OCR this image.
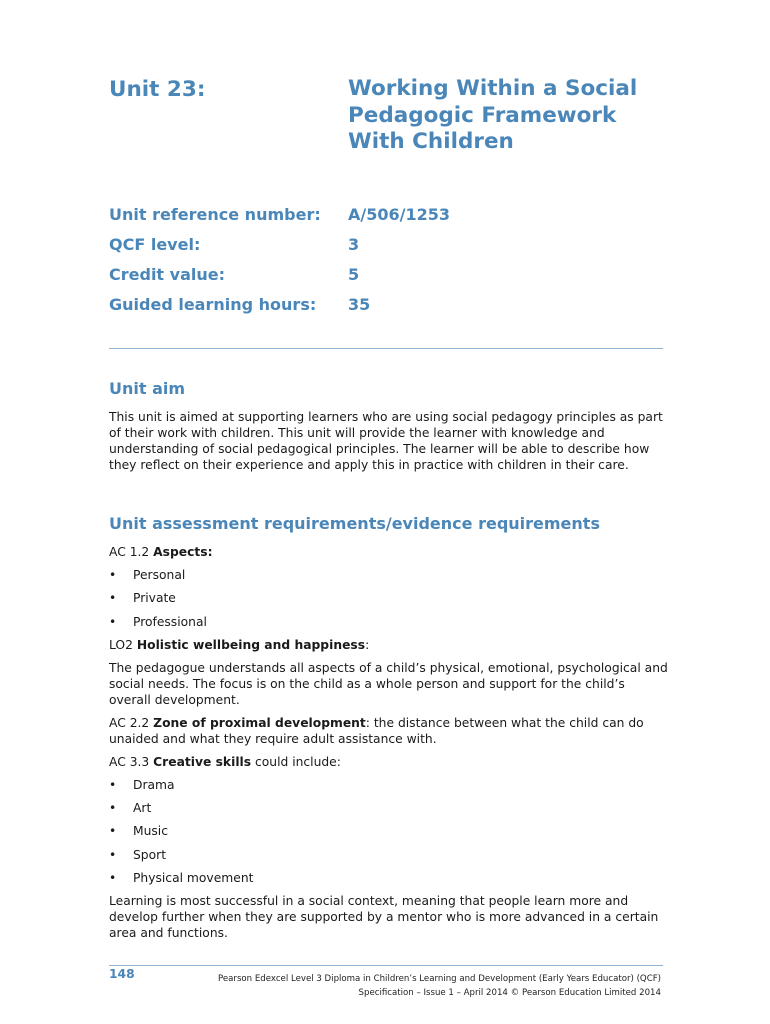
Unit 23:	Working Within a Social Pedagogic Framework With Children
Unit reference number: A/506/1253
QCF level:	3
Credit value:	5
Guided learning hours: 35
Unit aim

This unit is aimed at supporting learners who are using social pedagogy principles as part of their work with children. This unit will provide the learner with knowledge and understanding of social pedagogical principles. The learner will be able to describe how they reflect on their experience and apply this in practice with children in their care.

Unit assessment requirements/evidence requirements

AC 1.2 Aspects:

• Personal
• Private
• Professional

LO2 Holistic wellbeing and happiness:

The pedagogue understands all aspects of a child’s physical, emotional, psychological and social needs. The focus is on the child as a whole person and support for the child’s overall development.

AC 2.2 Zone of proximal development: the distance between what the child can do unaided and what they require adult assistance with.

AC 3.3 Creative skills could include:

• Drama
• Art
• Music
• Sport
• Physical movement

Learning is most successful in a social context, meaning that people learn more and develop further when they are supported by a mentor who is more advanced in a certain area and functions.

148	Pearson Edexcel Level 3 Diploma in Children’s Learning and Development (Early Years Educator) (QCF)
Specification – Issue 1 – April 2014 © Pearson Education Limited 2014
